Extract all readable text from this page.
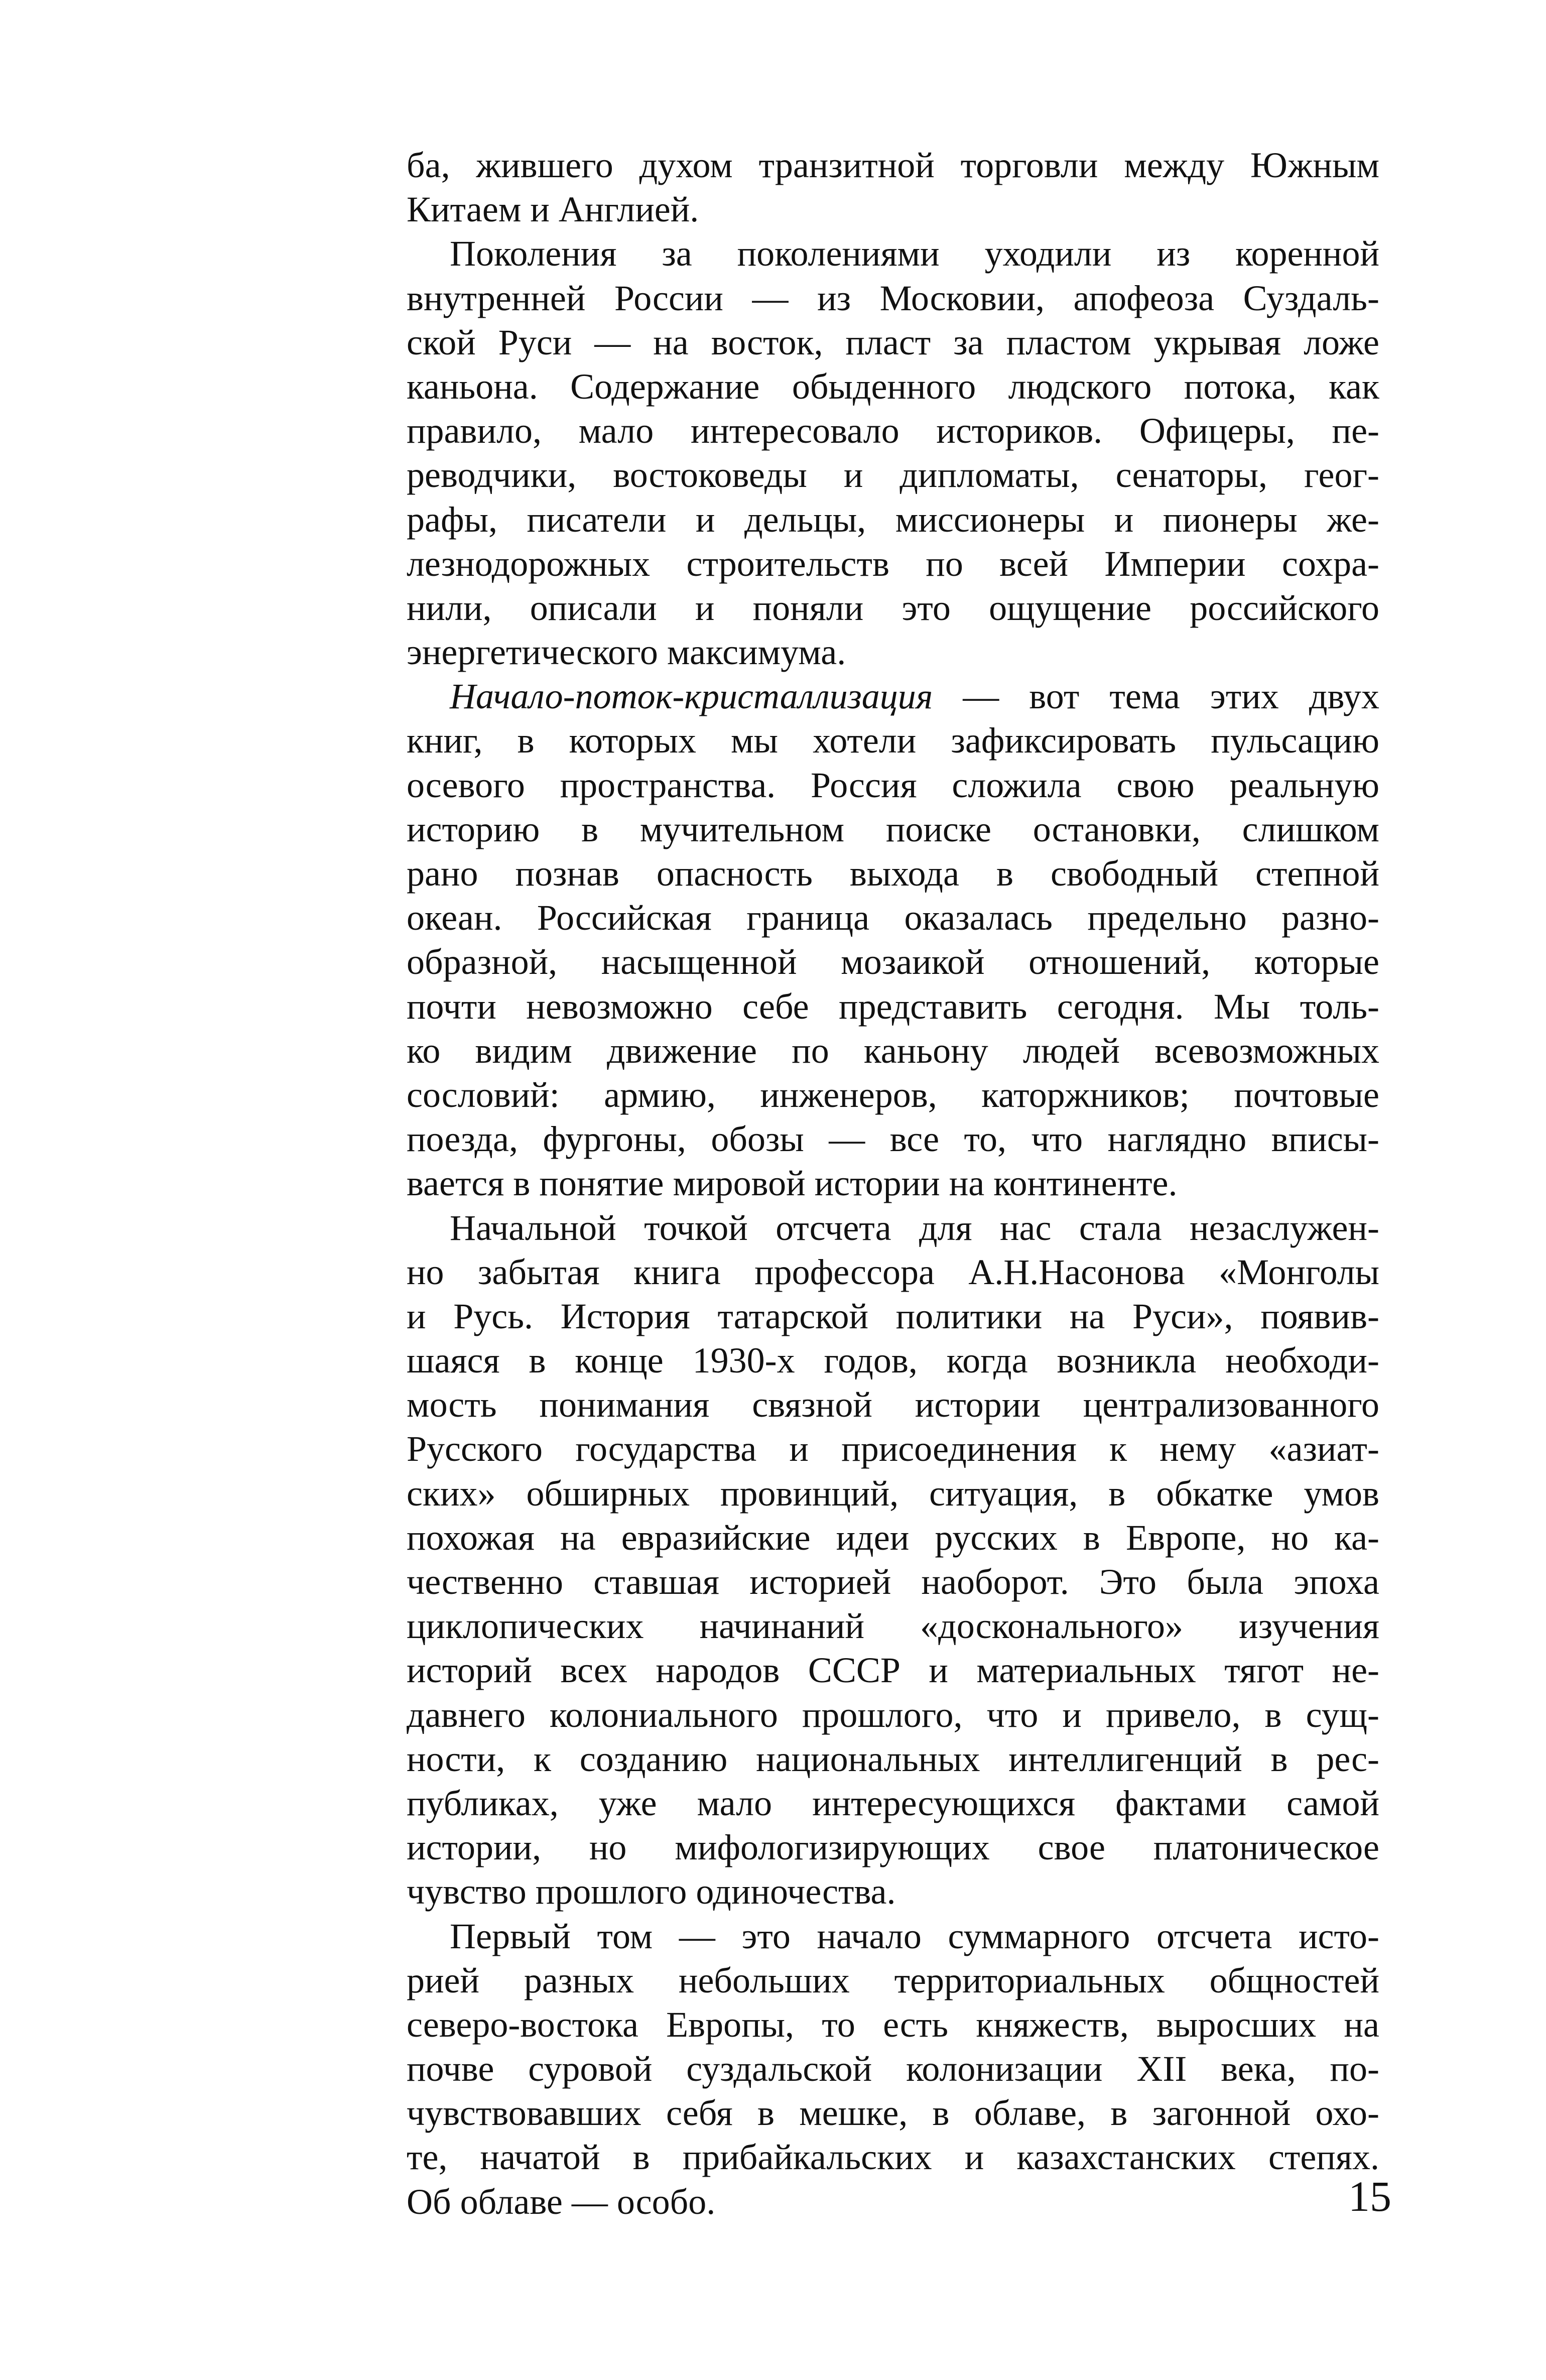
ба, жившего духом транзитной торговли между Южным
Китаем и Англией.
Поколения за поколениями уходили из коренной
внутренней России — из Московии, апофеоза Суздаль-
ской Руси — на восток, пласт за пластом укрывая ложе
каньона. Содержание обыденного людского потока, как
правило, мало интересовало историков. Офицеры, пе-
реводчики, востоковеды и дипломаты, сенаторы, геог-
рафы, писатели и дельцы, миссионеры и пионеры же-
лезнодорожных строительств по всей Империи сохра-
нили, описали и поняли это ощущение российского
энергетического максимума.
Начало-поток-кристаллизация — вот тема этих двух
книг, в которых мы хотели зафиксировать пульсацию
осевого пространства. Россия сложила свою реальную
историю в мучительном поиске остановки, слишком
рано познав опасность выхода в свободный степной
океан. Российская граница оказалась предельно разно-
образной, насыщенной мозаикой отношений, которые
почти невозможно себе представить сегодня. Мы толь-
ко видим движение по каньону людей всевозможных
сословий: армию, инженеров, каторжников; почтовые
поезда, фургоны, обозы — все то, что наглядно вписы-
вается в понятие мировой истории на континенте.
Начальной точкой отсчета для нас стала незаслужен-
но забытая книга профессора А.Н.Насонова «Монголы
и Русь. История татарской политики на Руси», появив-
шаяся в конце 1930-х годов, когда возникла необходи-
мость понимания связной истории централизованного
Русского государства и присоединения к нему «азиат-
ских» обширных провинций, ситуация, в обкатке умов
похожая на евразийские идеи русских в Европе, но ка-
чественно ставшая историей наоборот. Это была эпоха
циклопических начинаний «досконального» изучения
историй всех народов СССР и материальных тягот не-
давнего колониального прошлого, что и привело, в сущ-
ности, к созданию национальных интеллигенций в рес-
публиках, уже мало интересующихся фактами самой
истории, но мифологизирующих свое платоническое
чувство прошлого одиночества.
Первый том — это начало суммарного отсчета исто-
рией разных небольших территориальных общностей
северо-востока Европы, то есть княжеств, выросших на
почве суровой суздальской колонизации XII века, по-
чувствовавших себя в мешке, в облаве, в загонной охо-
те, начатой в прибайкальских и казахстанских степях.
Об облаве — особо.	15
